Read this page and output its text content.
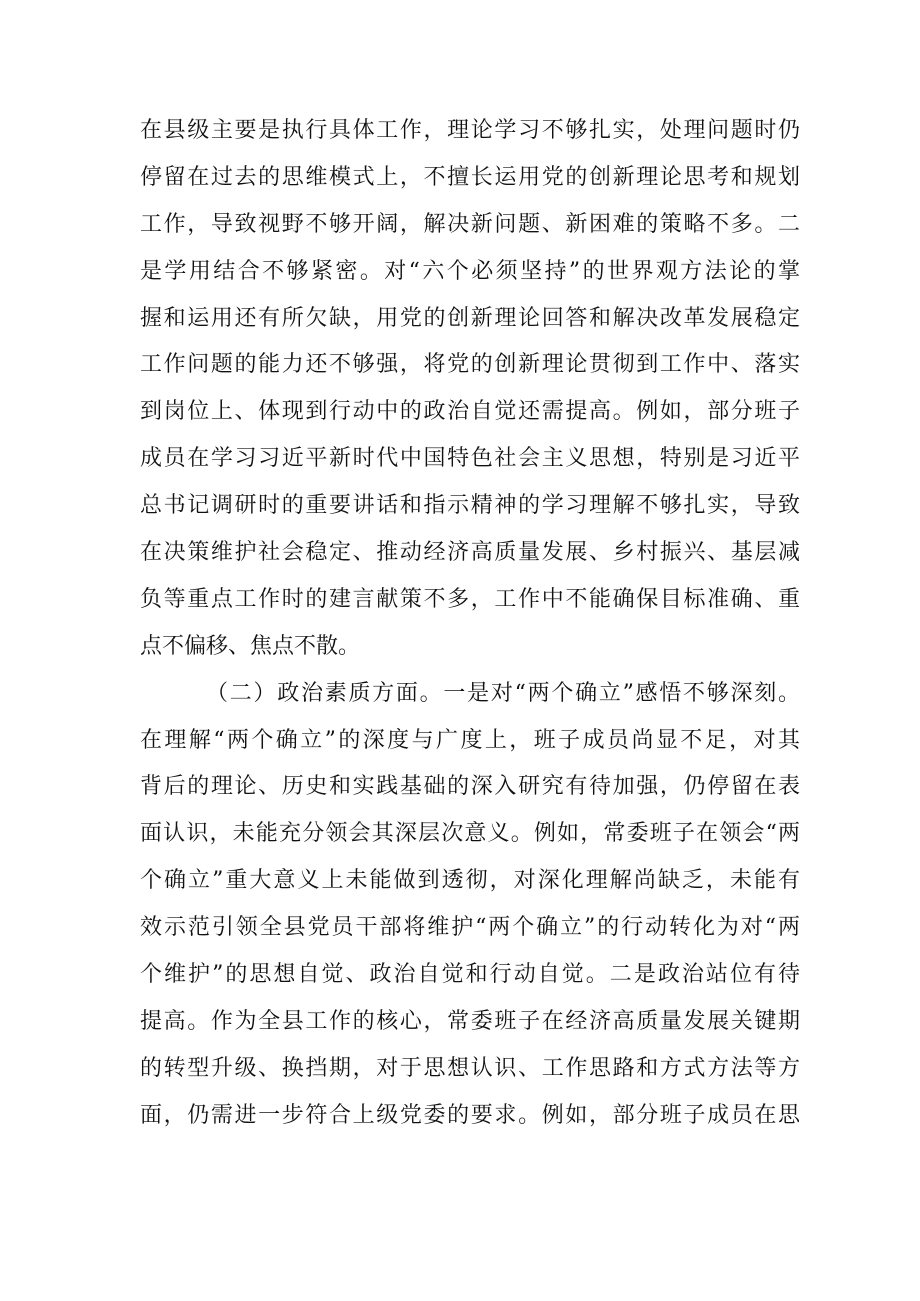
在县级主要是执行具体工作，理论学习不够扎实，处理问题时仍
停留在过去的思维模式上，不擅长运用党的创新理论思考和规划
工作，导致视野不够开阔，解决新问题、新困难的策略不多。二
是学用结合不够紧密。对“六个必须坚持”的世界观方法论的掌
握和运用还有所欠缺，用党的创新理论回答和解决改革发展稳定
工作问题的能力还不够强，将党的创新理论贯彻到工作中、落实
到岗位上、体现到行动中的政治自觉还需提高。例如，部分班子
成员在学习习近平新时代中国特色社会主义思想，特别是习近平
总书记调研时的重要讲话和指示精神的学习理解不够扎实，导致
在决策维护社会稳定、推动经济高质量发展、乡村振兴、基层减
负等重点工作时的建言献策不多，工作中不能确保目标准确、重
点不偏移、焦点不散。
（二）政治素质方面。一是对“两个确立”感悟不够深刻。
在理解“两个确立”的深度与广度上，班子成员尚显不足，对其
背后的理论、历史和实践基础的深入研究有待加强，仍停留在表
面认识，未能充分领会其深层次意义。例如，常委班子在领会“两
个确立”重大意义上未能做到透彻，对深化理解尚缺乏，未能有
效示范引领全县党员干部将维护“两个确立”的行动转化为对“两
个维护”的思想自觉、政治自觉和行动自觉。二是政治站位有待
提高。作为全县工作的核心，常委班子在经济高质量发展关键期
的转型升级、换挡期，对于思想认识、工作思路和方式方法等方
面，仍需进一步符合上级党委的要求。例如，部分班子成员在思
